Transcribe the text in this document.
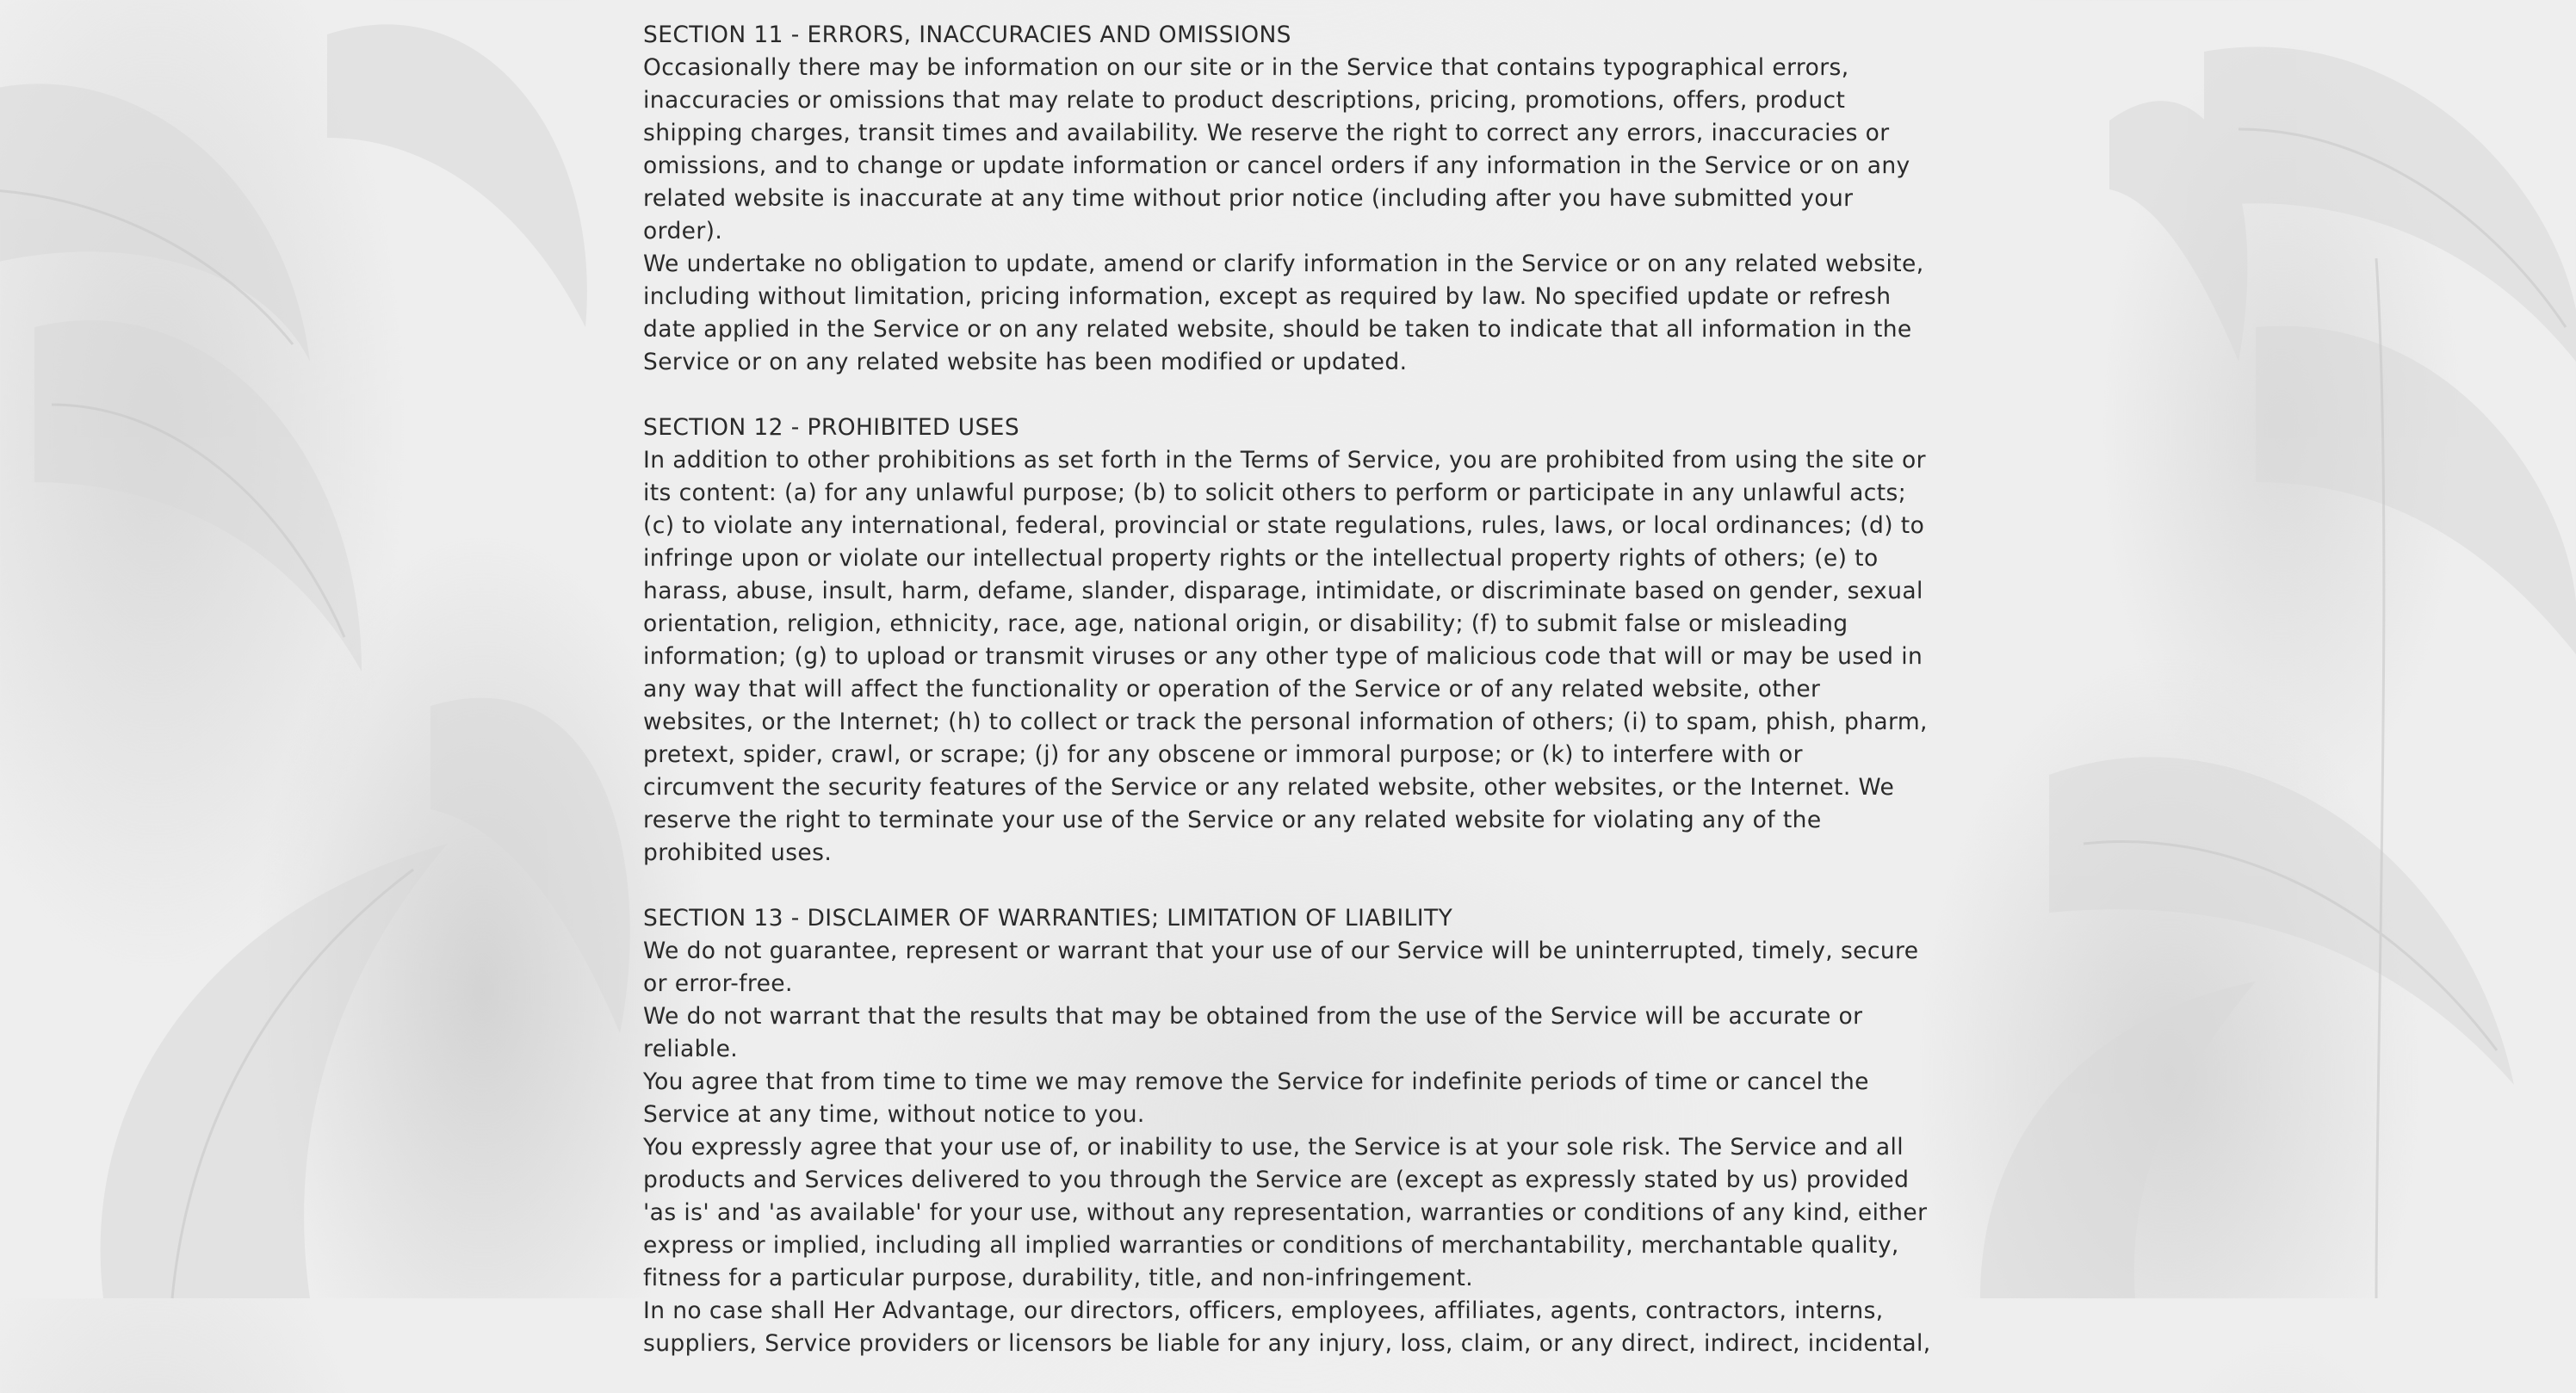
SECTION 11 - ERRORS, INACCURACIES AND OMISSIONS

Occasionally there may be information on our site or in the Service that contains typographical errors, inaccuracies or omissions that may relate to product descriptions, pricing, promotions, offers, product shipping charges, transit times and availability. We reserve the right to correct any errors, inaccuracies or omissions, and to change or update information or cancel orders if any information in the Service or on any related website is inaccurate at any time without prior notice (including after you have submitted your order).

We undertake no obligation to update, amend or clarify information in the Service or on any related website, including without limitation, pricing information, except as required by law. No specified update or refresh date applied in the Service or on any related website, should be taken to indicate that all information in the Service or on any related website has been modified or updated.

SECTION 12 - PROHIBITED USES

In addition to other prohibitions as set forth in the Terms of Service, you are prohibited from using the site or its content: (a) for any unlawful purpose; (b) to solicit others to perform or participate in any unlawful acts; (c) to violate any international, federal, provincial or state regulations, rules, laws, or local ordinances; (d) to infringe upon or violate our intellectual property rights or the intellectual property rights of others; (e) to harass, abuse, insult, harm, defame, slander, disparage, intimidate, or discriminate based on gender, sexual orientation, religion, ethnicity, race, age, national origin, or disability; (f) to submit false or misleading information; (g) to upload or transmit viruses or any other type of malicious code that will or may be used in any way that will affect the functionality or operation of the Service or of any related website, other websites, or the Internet; (h) to collect or track the personal information of others; (i) to spam, phish, pharm, pretext, spider, crawl, or scrape; (j) for any obscene or immoral purpose; or (k) to interfere with or circumvent the security features of the Service or any related website, other websites, or the Internet. We reserve the right to terminate your use of the Service or any related website for violating any of the prohibited uses.

SECTION 13 - DISCLAIMER OF WARRANTIES; LIMITATION OF LIABILITY

We do not guarantee, represent or warrant that your use of our Service will be uninterrupted, timely, secure or error-free.

We do not warrant that the results that may be obtained from the use of the Service will be accurate or reliable.

You agree that from time to time we may remove the Service for indefinite periods of time or cancel the Service at any time, without notice to you.

You expressly agree that your use of, or inability to use, the Service is at your sole risk. The Service and all products and Services delivered to you through the Service are (except as expressly stated by us) provided 'as is' and 'as available' for your use, without any representation, warranties or conditions of any kind, either express or implied, including all implied warranties or conditions of merchantability, merchantable quality, fitness for a particular purpose, durability, title, and non-infringement.

In no case shall Her Advantage, our directors, officers, employees, affiliates, agents, contractors, interns, suppliers, Service providers or licensors be liable for any injury, loss, claim, or any direct, indirect, incidental,
